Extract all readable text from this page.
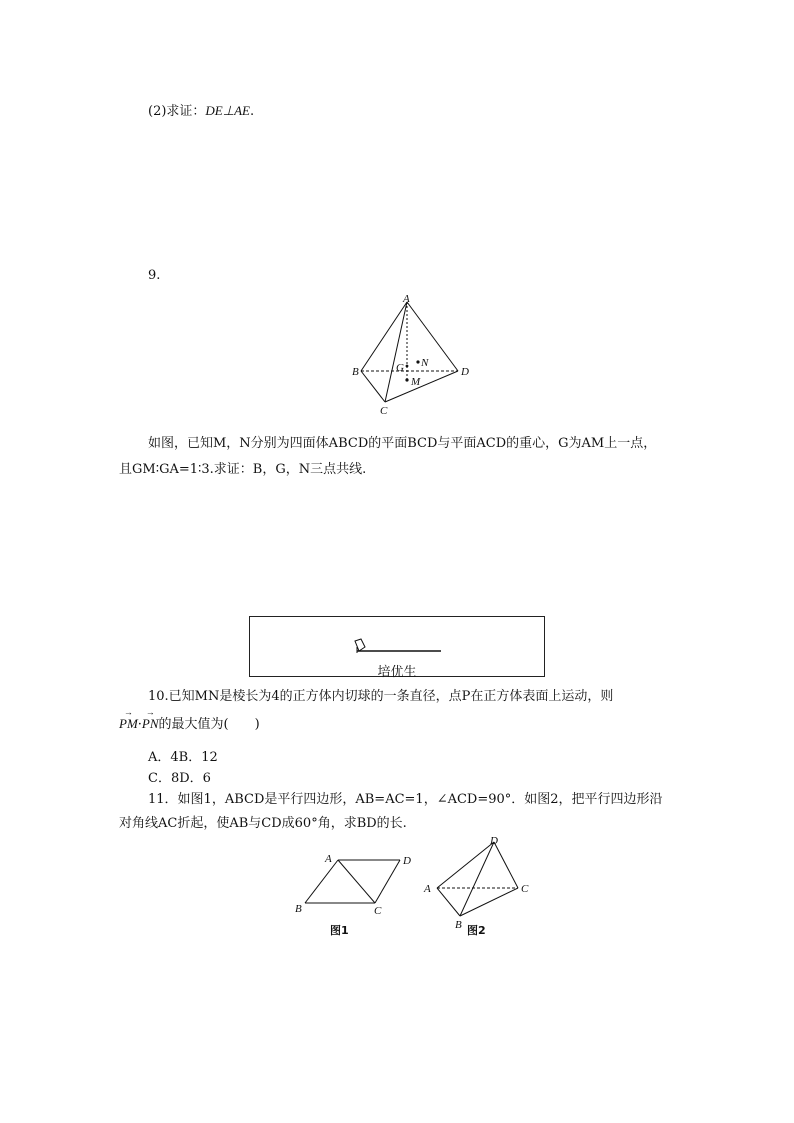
(2)求证：DE⊥AE.
9.
A
B
C
D
G N
M
如图，已知M，N分别为四面体ABCD的平面BCD与平面ACD的重心，G为AM上一点，
且GM∶GA=1∶3.求证：B，G，N三点共线.
培优生
10.已知MN是棱长为4的正方体内切球的一条直径，点P在正方体表面上运动，则
→
PM·
→
PN的最大值为(　　)
A．4B．12
C．8D．6
11．如图1，ABCD是平行四边形，AB=AC=1，∠ACD=90°．如图2，把平行四边形沿
对角线AC折起，使AB与CD成60°角，求BD的长.
A	D
B	C
图1
D
A	C
B 图2
